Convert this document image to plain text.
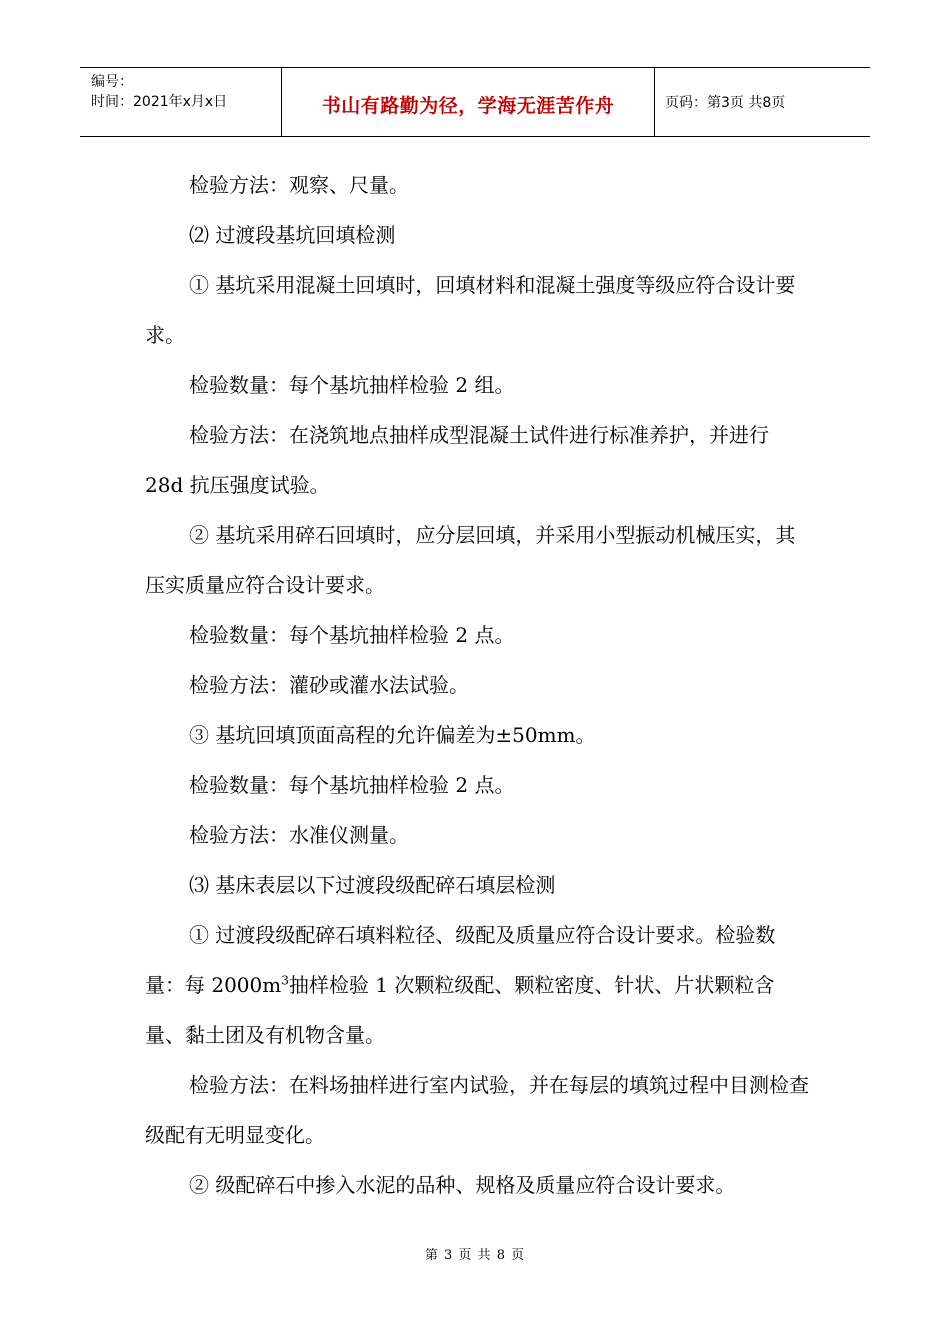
编号：
时间：2021年x月x日	书山有路勤为径，学海无涯苦作舟	页码：第3页 共8页

检验方法：观察、尺量。

⑵ 过渡段基坑回填检测

① 基坑采用混凝土回填时，回填材料和混凝土强度等级应符合设计要求。

检验数量：每个基坑抽样检验 2 组。

检验方法：在浇筑地点抽样成型混凝土试件进行标准养护，并进行 28d 抗压强度试验。

② 基坑采用碎石回填时，应分层回填，并采用小型振动机械压实，其压实质量应符合设计要求。

检验数量：每个基坑抽样检验 2 点。

检验方法：灌砂或灌水法试验。

③ 基坑回填顶面高程的允许偏差为±50mm。

检验数量：每个基坑抽样检验 2 点。

检验方法：水准仪测量。

⑶ 基床表层以下过渡段级配碎石填层检测

① 过渡段级配碎石填料粒径、级配及质量应符合设计要求。检验数量：每 $2000m^3$抽样检验 1 次颗粒级配、颗粒密度、针状、片状颗粒含量、黏土团及有机物含量。

检验方法：在料场抽样进行室内试验，并在每层的填筑过程中目测检查级配有无明显变化。

② 级配碎石中掺入水泥的品种、规格及质量应符合设计要求。

第 3 页 共 8 页
